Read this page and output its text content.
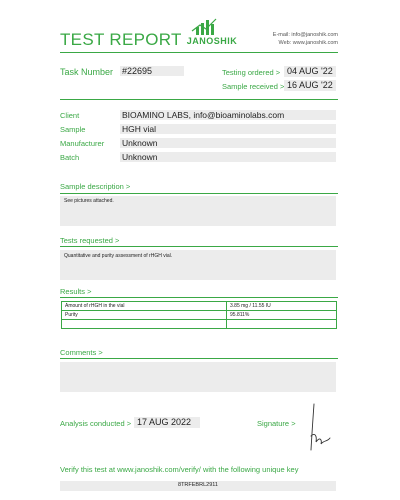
TEST REPORT JANOSHIK
E-mail: info@janoshik.com
Web: www.janoshik.com
Task Number #22695	Testing ordered > 04 AUG '22
Sample received > 16 AUG '22
Client	BIOAMINO LABS, info@bioaminolabs.com
Sample	HGH vial
Manufacturer Unknown
Batch	Unknown
Sample description >
See pictures attached.
Tests requested >
Quantitative and purity assessment of rHGH vial.
Results >
Amount of rHGH in the vial	3.85 mg / 11.55 IU
Purity	95.811%

Comments >
Analysis conducted > 17 AUG 2022	Signature >
Verify this test at www.janoshik.com/verify/ with the following unique key
8TRFEBRL2911
